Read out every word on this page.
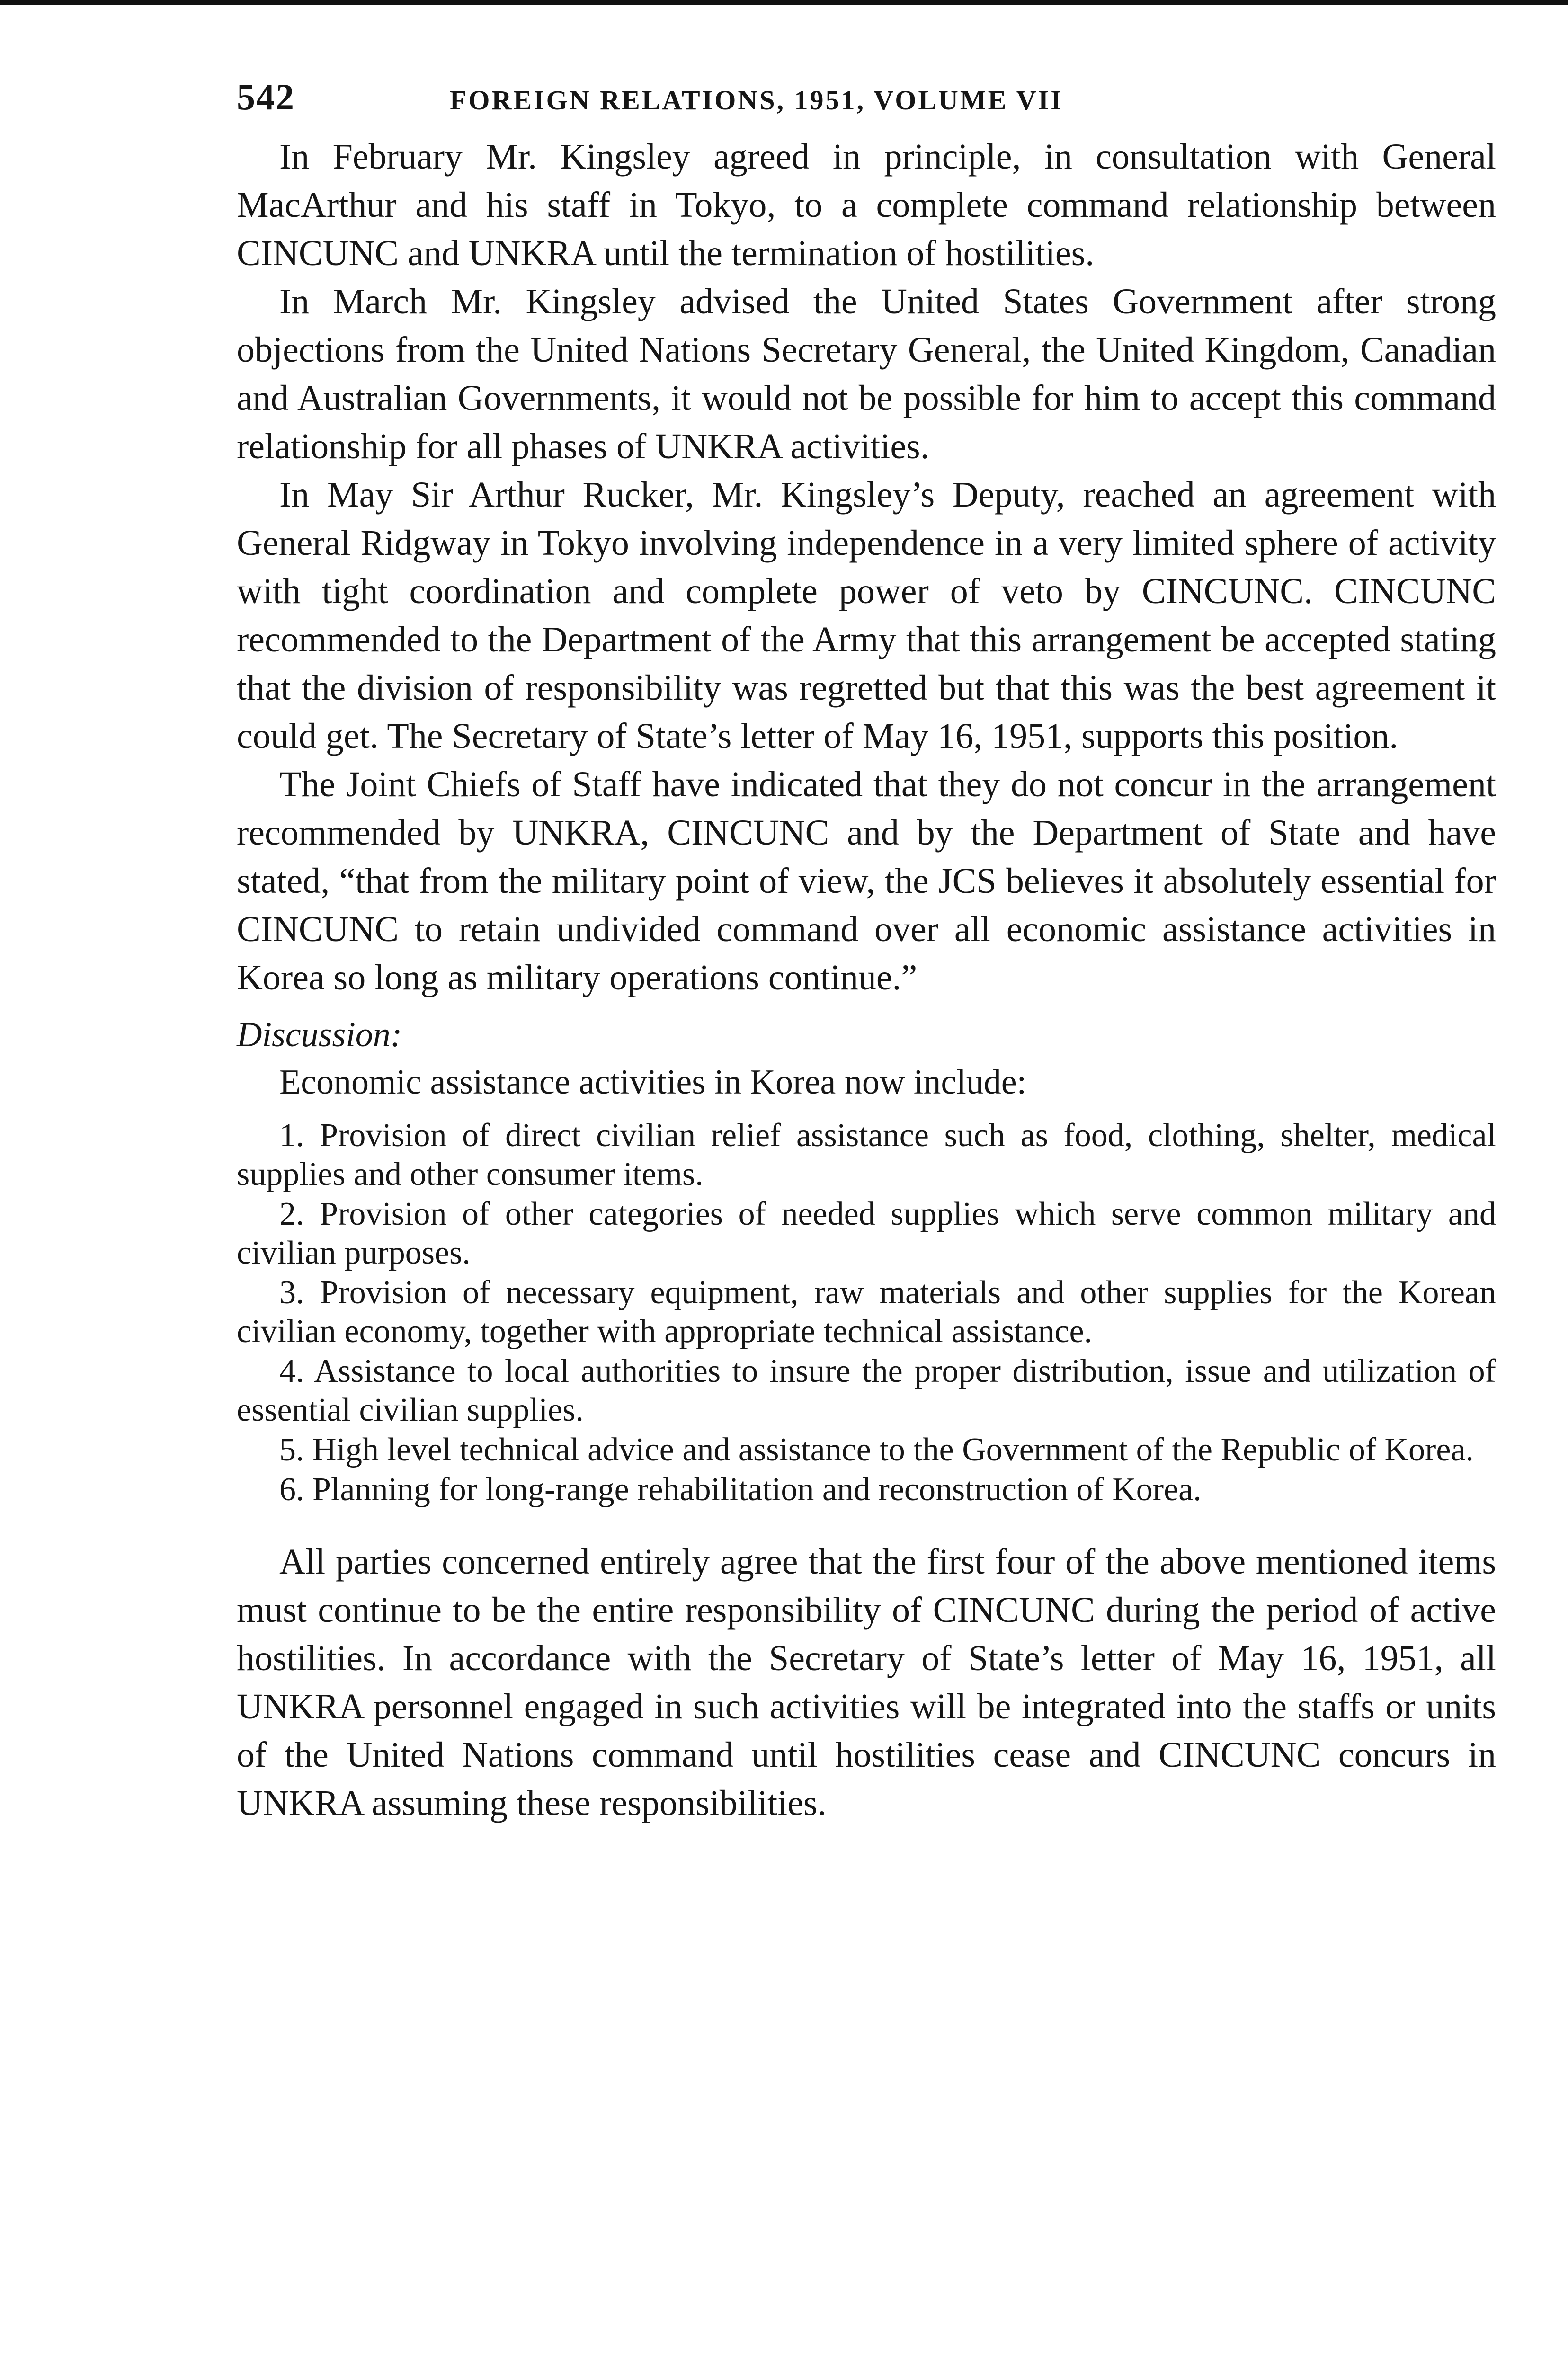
542	FOREIGN RELATIONS, 1951, VOLUME VII

In February Mr. Kingsley agreed in principle, in consultation with General MacArthur and his staff in Tokyo, to a complete command relationship between CINCUNC and UNKRA until the termination of hostilities.

In March Mr. Kingsley advised the United States Government after strong objections from the United Nations Secretary General, the United Kingdom, Canadian and Australian Governments, it would not be possible for him to accept this command relationship for all phases of UNKRA activities.

In May Sir Arthur Rucker, Mr. Kingsley’s Deputy, reached an agreement with General Ridgway in Tokyo involving independence in a very limited sphere of activity with tight coordination and complete power of veto by CINCUNC. CINCUNC recommended to the Department of the Army that this arrangement be accepted stating that the division of responsibility was regretted but that this was the best agreement it could get. The Secretary of State’s letter of May 16, 1951, supports this position.

The Joint Chiefs of Staff have indicated that they do not concur in the arrangement recommended by UNKRA, CINCUNC and by the Department of State and have stated, “that from the military point of view, the JCS believes it absolutely essential for CINCUNC to retain undivided command over all economic assistance activities in Korea so long as military operations continue.”

Discussion:

Economic assistance activities in Korea now include:

1. Provision of direct civilian relief assistance such as food, clothing, shelter, medical supplies and other consumer items.
2. Provision of other categories of needed supplies which serve common military and civilian purposes.
3. Provision of necessary equipment, raw materials and other supplies for the Korean civilian economy, together with appropriate technical assistance.
4. Assistance to local authorities to insure the proper distribution, issue and utilization of essential civilian supplies.
5. High level technical advice and assistance to the Government of the Republic of Korea.
6. Planning for long-range rehabilitation and reconstruction of Korea.

All parties concerned entirely agree that the first four of the above mentioned items must continue to be the entire responsibility of CINCUNC during the period of active hostilities. In accordance with the Secretary of State’s letter of May 16, 1951, all UNKRA personnel engaged in such activities will be integrated into the staffs or units of the United Nations command until hostilities cease and CINCUNC concurs in UNKRA assuming these responsibilities.
